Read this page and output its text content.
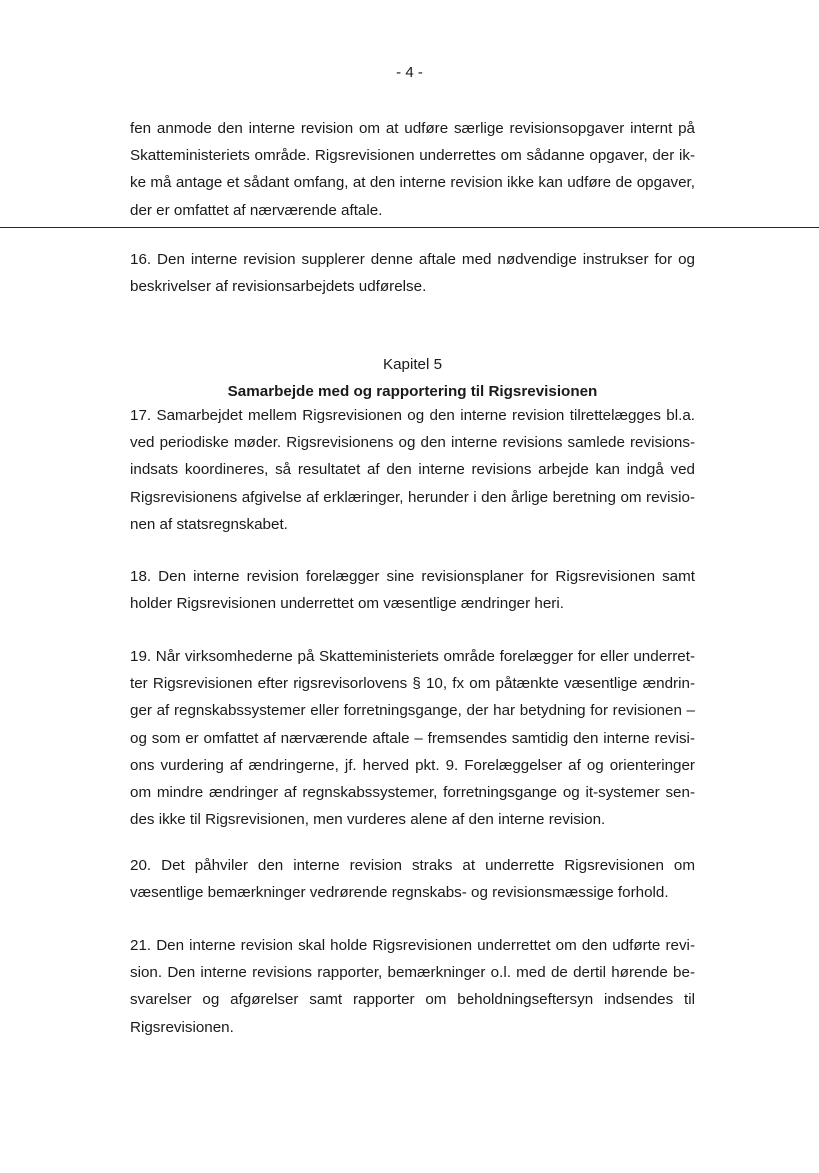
- 4 -

fen anmode den interne revision om at udføre særlige revisionsopgaver internt på Skatteministeriets område. Rigsrevisionen underrettes om sådanne opgaver, der ikke må antage et sådant omfang, at den interne revision ikke kan udføre de opgaver, der er omfattet af nærværende aftale.

16. Den interne revision supplerer denne aftale med nødvendige instrukser for og beskrivelser af revisionsarbejdets udførelse.

Kapitel 5
Samarbejde med og rapportering til Rigsrevisionen

17. Samarbejdet mellem Rigsrevisionen og den interne revision tilrettelægges bl.a. ved periodiske møder. Rigsrevisionens og den interne revisions samlede revisionsindsats koordineres, så resultatet af den interne revisions arbejde kan indgå ved Rigsrevisionens afgivelse af erklæringer, herunder i den årlige beretning om revisionen af statsregnskabet.

18. Den interne revision forelægger sine revisionsplaner for Rigsrevisionen samt holder Rigsrevisionen underrettet om væsentlige ændringer heri.

19. Når virksomhederne på Skatteministeriets område forelægger for eller underretter Rigsrevisionen efter rigsrevisorlovens § 10, fx om påtænkte væsentlige ændringer af regnskabssystemer eller forretningsgange, der har betydning for revisionen – og som er omfattet af nærværende aftale – fremsendes samtidig den interne revisions vurdering af ændringerne, jf. herved pkt. 9. Forelæggelser af og orienteringer om mindre ændringer af regnskabssystemer, forretningsgange og it-systemer sendes ikke til Rigsrevisionen, men vurderes alene af den interne revision.

20. Det påhviler den interne revision straks at underrette Rigsrevisionen om væsentlige bemærkninger vedrørende regnskabs- og revisionsmæssige forhold.

21. Den interne revision skal holde Rigsrevisionen underrettet om den udførte revision. Den interne revisions rapporter, bemærkninger o.l. med de dertil hørende besvarelser og afgørelser samt rapporter om beholdningseftersyn indsendes til Rigsrevisionen.
